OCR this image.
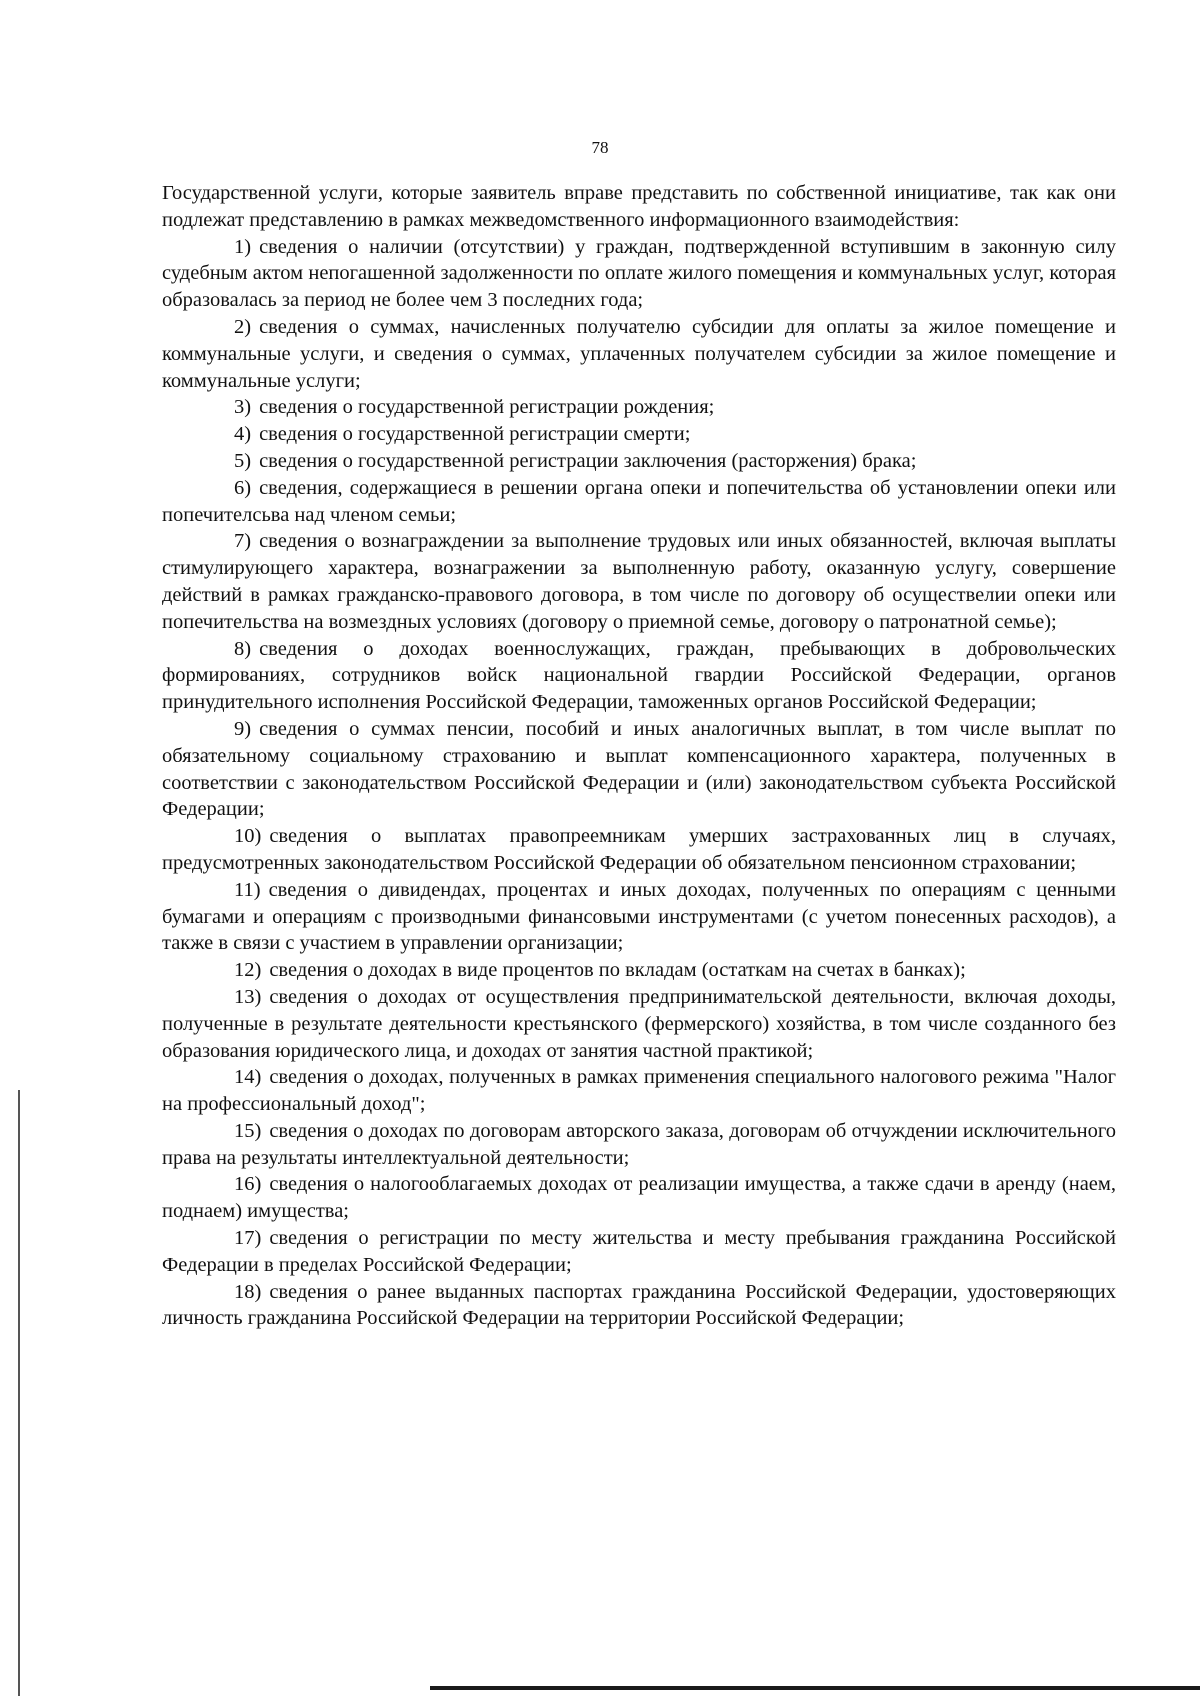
78

Государственной услуги, которые заявитель вправе представить по собственной инициативе, так как они подлежат представлению в рамках межведомственного информационного взаимодействия:

1) сведения о наличии (отсутствии) у граждан, подтвержденной вступившим в законную силу судебным актом непогашенной задолженности по оплате жилого помещения и коммунальных услуг, которая образовалась за период не более чем 3 последних года;

2) сведения о суммах, начисленных получателю субсидии для оплаты за жилое помещение и коммунальные услуги, и сведения о суммах, уплаченных получателем субсидии за жилое помещение и коммунальные услуги;

3) сведения о государственной регистрации рождения;

4) сведения о государственной регистрации смерти;

5) сведения о государственной регистрации заключения (расторжения) брака;

6) сведения, содержащиеся в решении органа опеки и попечительства об установлении опеки или попечителсьва над членом семьи;

7) сведения о вознаграждении за выполнение трудовых или иных обязанностей, включая выплаты стимулирующего характера, вознагражении за выполненную работу, оказанную услугу, совершение действий в рамках гражданско-правового договора, в том числе по договору об осуществелии опеки или попечительства на возмездных условиях (договору о приемной семье, договору о патронатной семье);

8) сведения о доходах военнослужащих, граждан, пребывающих в добровольческих формированиях, сотрудников войск национальной гвардии Российской Федерации, органов принудительного исполнения Российской Федерации, таможенных органов Российской Федерации;

9) сведения о суммах пенсии, пособий и иных аналогичных выплат, в том числе выплат по обязательному социальному страхованию и выплат компенсационного характера, полученных в соответствии с законодательством Российской Федерации и (или) законодательством субъекта Российской Федерации;

10) сведения о выплатах правопреемникам умерших застрахованных лиц в случаях, предусмотренных законодательством Российской Федерации об обязательном пенсионном страховании;

11) сведения о дивидендах, процентах и иных доходах, полученных по операциям с ценными бумагами и операциям с производными финансовыми инструментами (с учетом понесенных расходов), а также в связи с участием в управлении организации;

12) сведения о доходах в виде процентов по вкладам (остаткам на счетах в банках);

13) сведения о доходах от осуществления предпринимательской деятельности, включая доходы, полученные в результате деятельности крестьянского (фермерского) хозяйства, в том числе созданного без образования юридического лица, и доходах от занятия частной практикой;

14) сведения о доходах, полученных в рамках применения специального налогового режима "Налог на профессиональный доход";

15) сведения о доходах по договорам авторского заказа, договорам об отчуждении исключительного права на результаты интеллектуальной деятельности;

16) сведения о налогооблагаемых доходах от реализации имущества, а также сдачи в аренду (наем, поднаем) имущества;

17) сведения о регистрации по месту жительства и месту пребывания гражданина Российской Федерации в пределах Российской Федерации;

18) сведения о ранее выданных паспортах гражданина Российской Федерации, удостоверяющих личность гражданина Российской Федерации на территории Российской Федерации;
